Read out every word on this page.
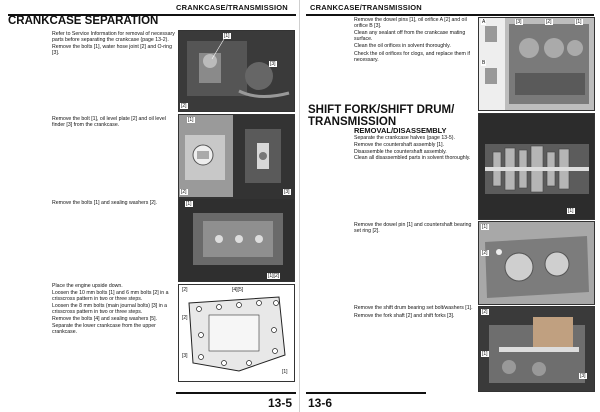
CRANKCASE/TRANSMISSION
CRANKCASE SEPARATION
Refer to Service Information for removal of necessary parts before separating the crankcase (page 13-2).
Remove the bolts [1], water hose joint [2] and O-ring [3].
[1]
[3]
[2]
Remove the bolt [1], oil level plate [2] and oil level finder [3] from the crankcase.
[1]
[2]	[3]
Remove the bolts [1] and sealing washers [2].	[1]
[1][2]
Place the engine upside down.
Loosen the 10 mm bolts [1] and 6 mm bolts [2] in a crisscross pattern in two or three steps.
Loosen the 8 mm bolts (main journal bolts) [3] in a crisscross pattern in two or three steps.
Remove the bolts [4] and sealing washers [5].
Separate the lower crankcase from the upper crankcase.
[2]	[4][5]
[2]
[3]
[1]
13-5
CRANKCASE/TRANSMISSION
Remove the dowel pins [1], oil orifice A [2] and oil orifice B [3].
Clean any sealant off from the crankcase mating surface.
Clean the oil orifices in solvent thoroughly.
Check the oil orifices for clogs, and replace them if necessary.
A	[3]	[2]	[1]
B
SHIFT FORK/SHIFT DRUM/
TRANSMISSION
REMOVAL/DISASSEMBLY
Separate the crankcase halves (page 13-5).
Remove the countershaft assembly [1].
Disassemble the countershaft assembly.
Clean all disassembled parts in solvent thoroughly.
[1]
Remove the dowel pin [1] and countershaft bearing set ring [2].
[1]
[2]
Remove the shift drum bearing set bolt/washers [1].
Remove the fork shaft [2] and shift forks [3].
[2]
[1]
[3]
13-6
